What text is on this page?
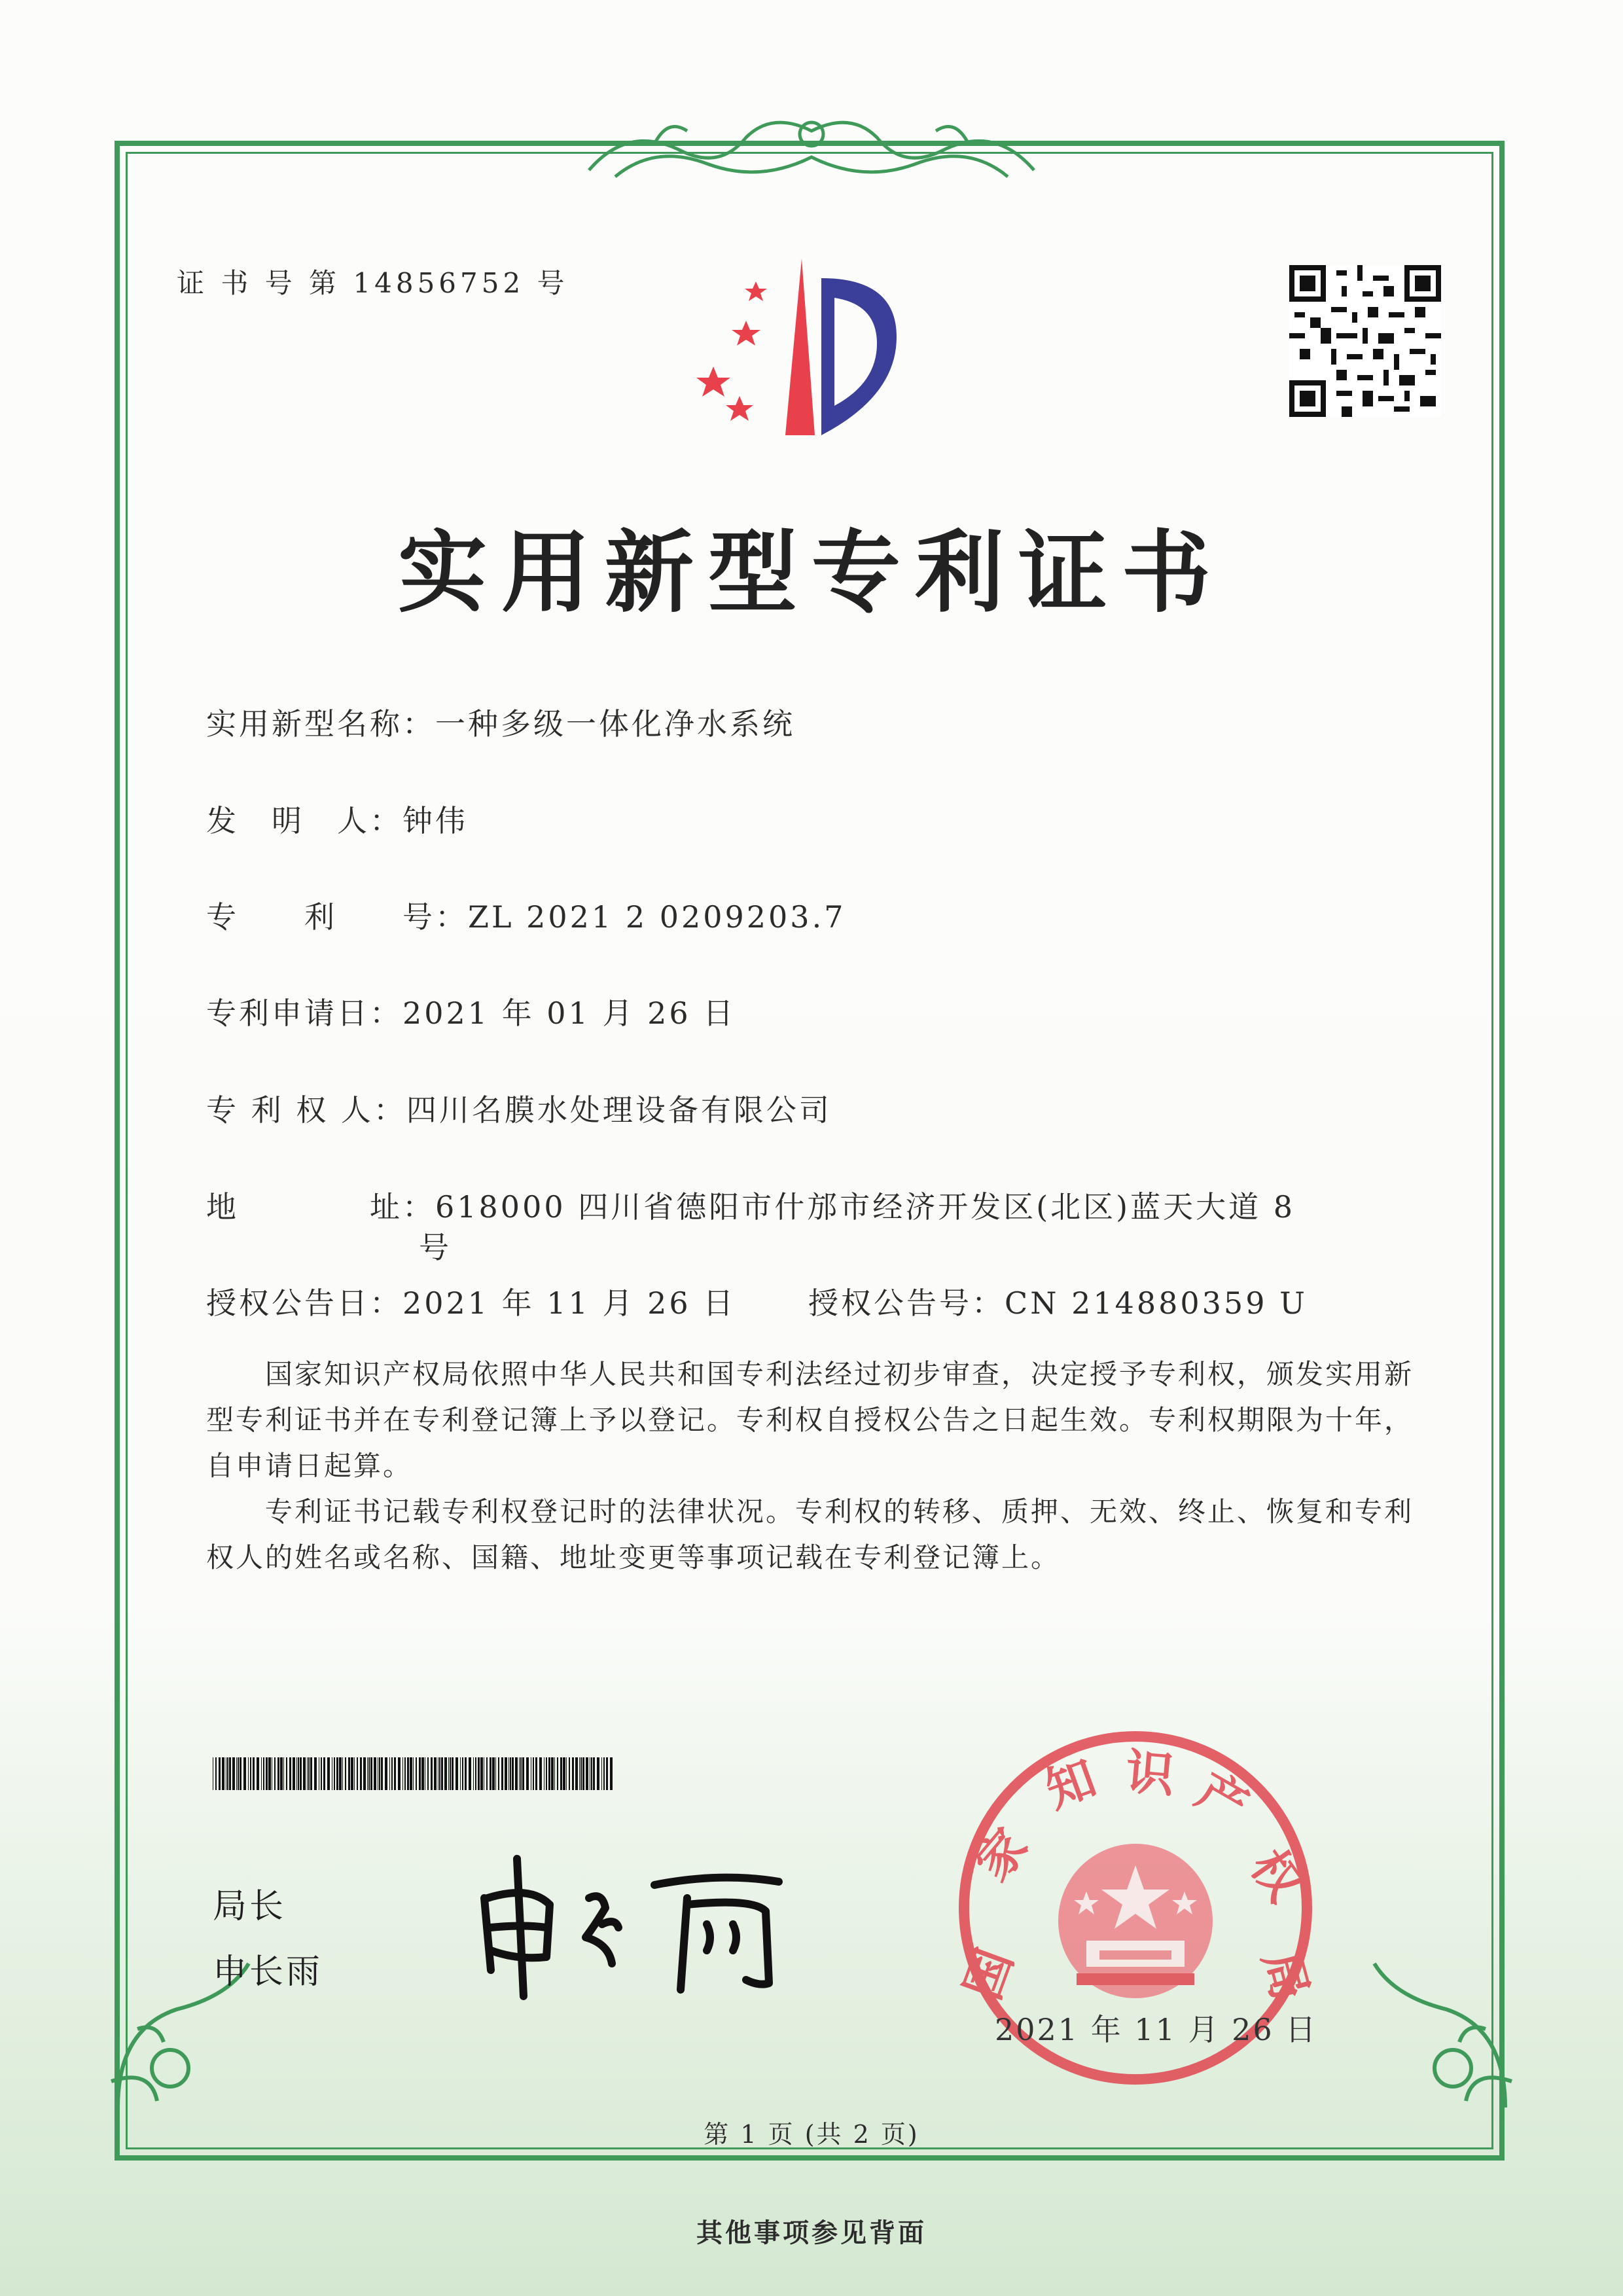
证 书 号 第 14856752 号
实用新型专利证书
实用新型名称：一种多级一体化净水系统
发　明　人：钟伟
专　　利　　号：ZL 2021 2 0209203.7
专利申请日：2021 年 01 月 26 日
专 利 权 人：四川名膜水处理设备有限公司
地　　　　址：618000 四川省德阳市什邡市经济开发区(北区)蓝天大道 8
号
授权公告日：2021 年 11 月 26 日 授权公告号：CN 214880359 U
国家知识产权局依照中华人民共和国专利法经过初步审查，决定授予专利权，颁发实用新型专利证书并在专利登记簿上予以登记。专利权自授权公告之日起生效。专利权期限为十年，自申请日起算。
专利证书记载专利权登记时的法律状况。专利权的转移、质押、无效、终止、恢复和专利权人的姓名或名称、国籍、地址变更等事项记载在专利登记簿上。
局长
申长雨	国
家
知 识 产
权
局
2021 年 11 月 26 日
第 1 页 (共 2 页)
其他事项参见背面
